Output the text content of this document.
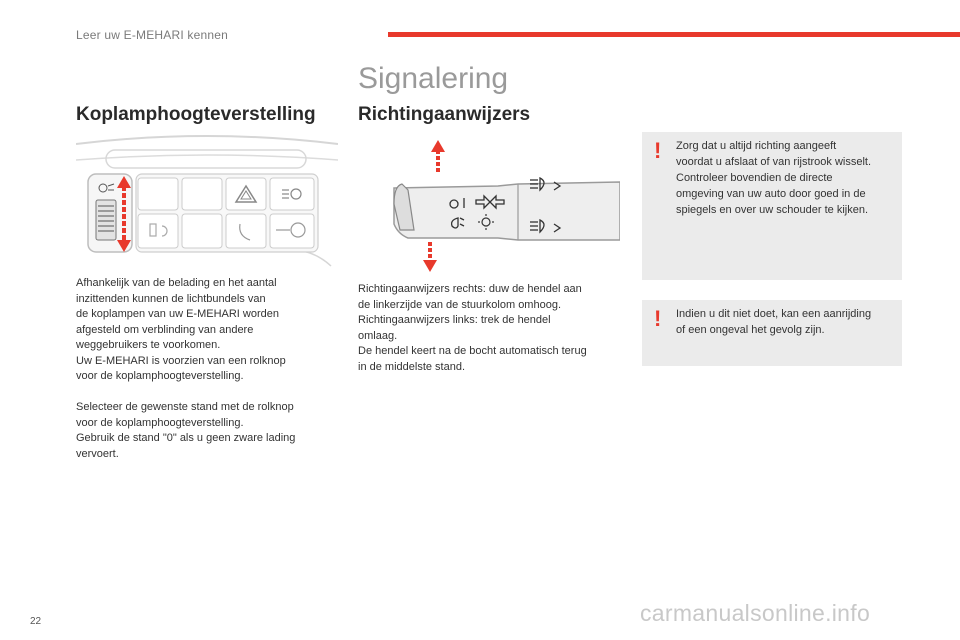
Leer uw E-MEHARI kennen
Signalering
Koplamphoogteverstelling
Afhankelijk van de belading en het aantal
inzittenden kunnen de lichtbundels van
de koplampen van uw E-MEHARI worden
afgesteld om verblinding van andere
weggebruikers te voorkomen.
Uw E-MEHARI is voorzien van een rolknop
voor de koplamphoogteverstelling.
Selecteer de gewenste stand met de rolknop
voor de koplamphoogteverstelling.
Gebruik de stand "0" als u geen zware lading
vervoert.
Richtingaanwijzers
Richtingaanwijzers rechts: duw de hendel aan
de linkerzijde van de stuurkolom omhoog.
Richtingaanwijzers links: trek de hendel
omlaag.
De hendel keert na de bocht automatisch terug
in de middelste stand.
! Zorg dat u altijd richting aangeeft
voordat u afslaat of van rijstrook wisselt.
Controleer bovendien de directe
omgeving van uw auto door goed in de
spiegels en over uw schouder te kijken.
! Indien u dit niet doet, kan een aanrijding
of een ongeval het gevolg zijn.
22	carmanualsonline.info
